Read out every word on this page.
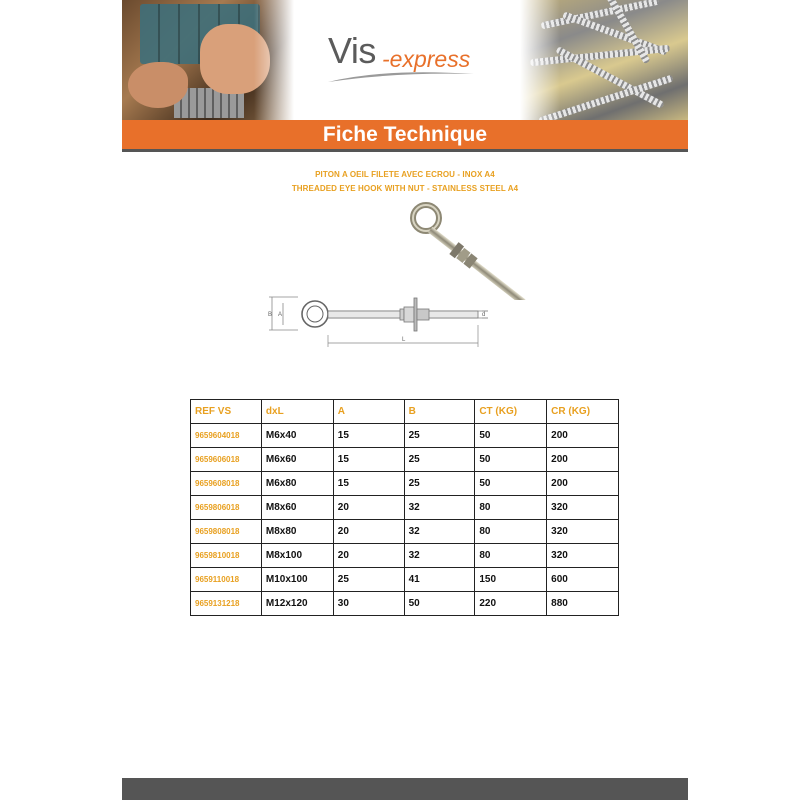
Vis -express
Fiche Technique
PITON A OEIL FILETE AVEC ECROU - INOX A4
THREADED EYE HOOK WITH NUT - STAINLESS STEEL A4
B A
L
d
REF VS	dxL	A	B	CT (KG)	CR (KG)
9659604018	M6x40	15	25	50	200
9659606018	M6x60	15	25	50	200
9659608018	M6x80	15	25	50	200
9659806018	M8x60	20	32	80	320
9659808018	M8x80	20	32	80	320
9659810018	M8x100	20	32	80	320
9659110018	M10x100	25	41	150	600
9659131218	M12x120	30	50	220	880
